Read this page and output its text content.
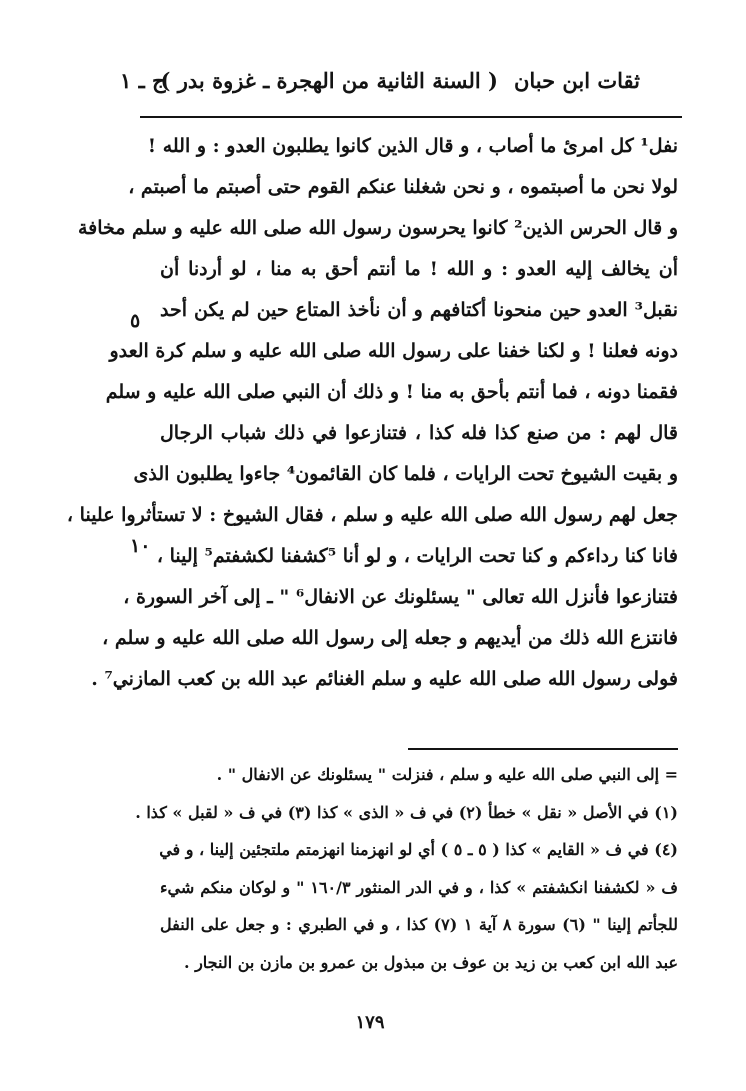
ثقات ابن حبان
( السنة الثانية من الهجرة ـ غزوة بدر )
ج ـ ١
نفل¹ كل امرئ ما أصاب ، و قال الذين كانوا يطلبون العدو : و الله !
لولا نحن ما أصبتموه ، و نحن شغلنا عنكم القوم حتى أصبتم ما أصبتم ،
و قال الحرس الذين² كانوا يحرسون رسول الله صلى الله عليه و سلم مخافة
أن يخالف إليه العدو : و الله ! ما أنتم أحق به منا ، لو أردنا أن
نقبل³ العدو حين منحونا أكتافهم و أن نأخذ المتاع حين لم يكن أحد
دونه فعلنا ! و لكنا خفنا على رسول الله صلى الله عليه و سلم كرة العدو
فقمنا دونه ، فما أنتم بأحق به منا ! و ذلك أن النبي صلى الله عليه و سلم
قال لهم : من صنع كذا فله كذا ، فتنازعوا في ذلك شباب الرجال
و بقيت الشيوخ تحت الرايات ، فلما كان القائمون⁴ جاءوا يطلبون الذى
جعل لهم رسول الله صلى الله عليه و سلم ، فقال الشيوخ : لا تستأثروا علينا ،
فانا كنا رداءكم و كنا تحت الرايات ، و لو أنا ⁵كشفنا لكشفتم⁵ إلينا ،
فتنازعوا فأنزل الله تعالى " يسئلونك عن الانفال⁶ " ـ إلى آخر السورة ،
فانتزع الله ذلك من أيديهم و جعله إلى رسول الله صلى الله عليه و سلم ،
فولى رسول الله صلى الله عليه و سلم الغنائم عبد الله بن كعب المازني⁷ .
٥
١٠
= إلى النبي صلى الله عليه و سلم ، فنزلت " يسئلونك عن الانفال " .
(١) في الأصل « نقل » خطأ (٢) في ف « الذى » كذا (٣) في ف « لقبل » كذا .
(٤) في ف « القايم » كذا ( ٥ ـ ٥ ) أي لو انهزمنا انهزمتم ملتجئين إلينا ، و في
ف « لكشفنا انكشفتم » كذا ، و في الدر المنثور ١٦٠/٣ " و لوكان منكم شيء
للجأتم إلينا " (٦) سورة ٨ آية ١ (٧) كذا ، و في الطبري : و جعل على النفل
عبد الله ابن كعب بن زيد بن عوف بن مبذول بن عمرو بن مازن بن النجار .
١٧٩
